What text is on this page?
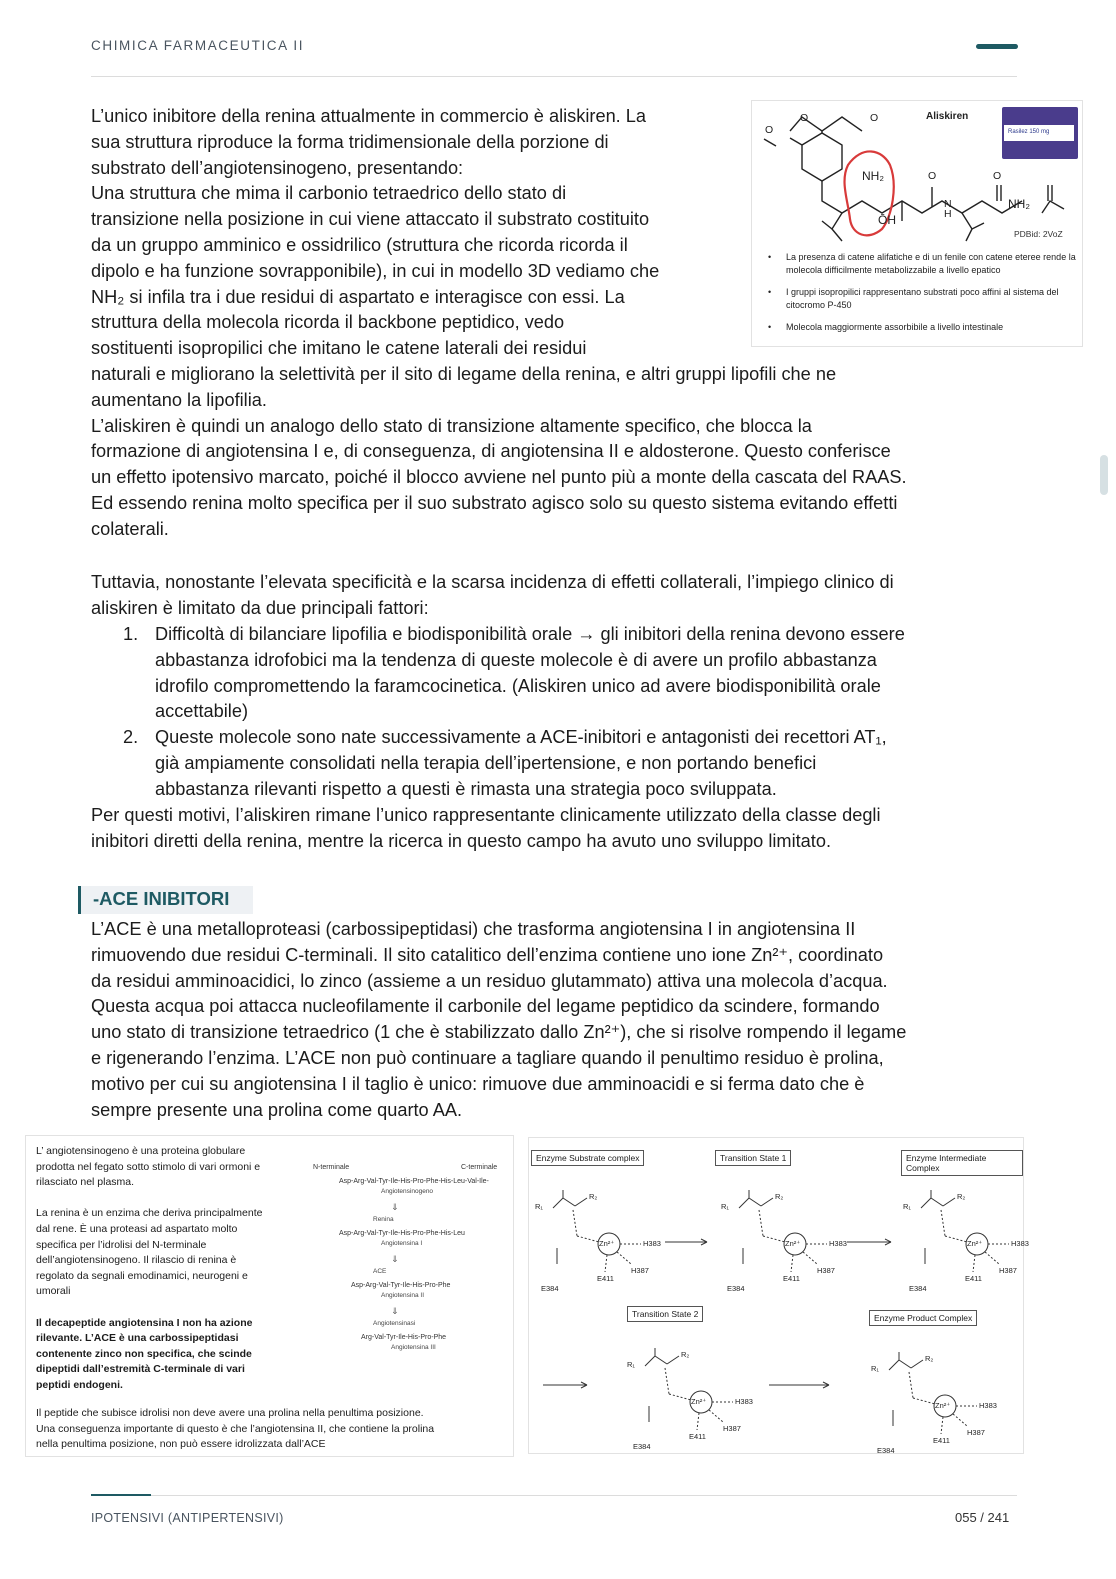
CHIMICA FARMACEUTICA II

L’unico inibitore della renina attualmente in commercio è aliskiren. La

sua struttura riproduce la forma tridimensionale della porzione di

substrato dell’angiotensinogeno, presentando:

Una struttura che mima il carbonio tetraedrico dello stato di

transizione nella posizione in cui viene attaccato il substrato costituito

da un gruppo amminico e ossidrilico (struttura che ricorda ricorda il

dipolo e ha funzione sovrapponibile), in cui in modello 3D vediamo che

NH₂ si infila tra i due residui di aspartato e interagisce con essi. La

struttura della molecola ricorda il backbone peptidico, vedo

sostituenti isopropilici che imitano le catene laterali dei residui

naturali e migliorano la selettività per il sito di legame della renina, e altri gruppi lipofili che ne

aumentano la lipofilia.

L’aliskiren è quindi un analogo dello stato di transizione altamente specifico, che blocca la

formazione di angiotensina I e, di conseguenza, di angiotensina II e aldosterone. Questo conferisce

un effetto ipotensivo marcato, poiché il blocco avviene nel punto più a monte della cascata del RAAS.

Ed essendo renina molto specifica per il suo substrato agisco solo su questo sistema evitando effetti

colaterali.

Tuttavia, nonostante l’elevata specificità e la scarsa incidenza di effetti collaterali, l’impiego clinico di

aliskiren è limitato da due principali fattori:

1. Difficoltà di bilanciare lipofilia e biodisponibilità orale → gli inibitori della renina devono essere
abbastanza idrofobici ma la tendenza di queste molecole è di avere un profilo abbastanza
idrofilo compromettendo la faramcocinetica. (Aliskiren unico ad avere biodisponibilità orale
accettabile)
2. Queste molecole sono nate successivamente a ACE-inibitori e antagonisti dei recettori AT₁,
già ampiamente consolidati nella terapia dell’ipertensione, e non portando benefici
abbastanza rilevanti rispetto a questi è rimasta una strategia poco sviluppata.

Per questi motivi, l’aliskiren rimane l’unico rappresentante clinicamente utilizzato della classe degli

inibitori diretti della renina, mentre la ricerca in questo campo ha avuto uno sviluppo limitato.

-ACE INIBITORI

L’ACE è una metalloproteasi (carbossipeptidasi) che trasforma angiotensina I in angiotensina II

rimuovendo due residui C-terminali. Il sito catalitico dell’enzima contiene uno ione Zn²⁺, coordinato

da residui amminoacidici, lo zinco (assieme a un residuo glutammato) attiva una molecola d’acqua.

Questa acqua poi attacca nucleofilamente il carbonile del legame peptidico da scindere, formando

uno stato di transizione tetraedrico (1 che è stabilizzato dallo Zn²⁺), che si risolve rompendo il legame

e rigenerando l’enzima. L’ACE non può continuare a tagliare quando il penultimo residuo è prolina,

motivo per cui su angiotensina I il taglio è unico: rimuove due amminoacidi e si ferma dato che è

sempre presente una prolina come quarto AA.

Aliskiren
Rasilez 150 mg
O
O	O
NH₂
ŌH
O	O
N
H
NH₂
PDBid: 2VoZ
• La presenza di catene alifatiche e di un fenile con catene eteree rende la molecola difficilmente metabolizzabile a livello epatico
• I gruppi isopropilici rappresentano substrati poco affini al sistema del citocromo P-450
• Molecola maggiormente assorbibile a livello intestinale
L’ angiotensinogeno è una proteina globulare
prodotta nel fegato sotto stimolo di vari ormoni e
rilasciato nel plasma.
La renina è un enzima che deriva principalmente
dal rene. È una proteasi ad aspartato molto
specifica per l’idrolisi del N-terminale
dell’angiotensinogeno. Il rilascio di renina è
regolato da segnali emodinamici, neurogeni e
umorali
Il decapeptide angiotensina I non ha azione
rilevante. L’ACE è una carbossipeptidasi
contenente zinco non specifica, che scinde
dipeptidi dall’estremità C-terminale di vari
peptidi endogeni.
N-terminale	C-terminale
Asp-Arg-Val-Tyr-Ile-His-Pro-Phe-His-Leu-Val-Ile-
Angiotensinogeno
⇓
Renina
Asp-Arg-Val-Tyr-Ile-His-Pro-Phe-His-Leu
Angiotensina I
⇓
ACE
Asp-Arg-Val-Tyr-Ile-His-Pro-Phe
Angiotensina II
⇓
Angiotensinasi
Arg-Val-Tyr-Ile-His-Pro-Phe
Angiotensina III
Il peptide che subisce idrolisi non deve avere una prolina nella penultima posizione.
Una conseguenza importante di questo è che l’angiotensina II, che contiene la prolina
nella penultima posizione, non può essere idrolizzata dall’ACE
Enzyme Substrate complex
R₁
R₂
Zn²⁺	H383
H387
E411
E384
Transition State 1
R₁
R₂
Zn²⁺	H383
H387
E411
E384
Enzyme Intermediate Complex
R₁
R₂
Zn²⁺	H383
H387
E411
E384
Transition State 2
R₁
R₂
Zn²⁺	H383
H387
E411
E384
Enzyme Product Complex
R₁
R₂
Zn²⁺	H383
H387
E411
E384
IPOTENSIVI (ANTIPERTENSIVI)	055 / 241
